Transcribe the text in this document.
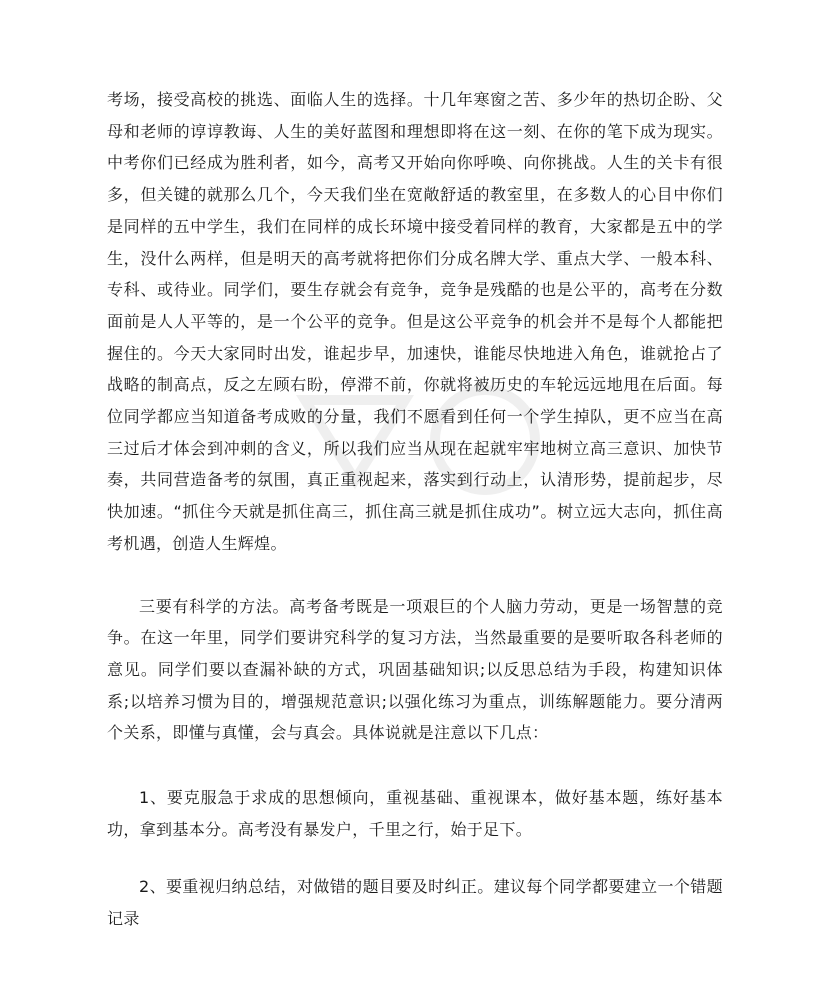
考场，接受高校的挑选、面临人生的选择。十几年寒窗之苦、多少年的热切企盼、父母和老师的谆谆教诲、人生的美好蓝图和理想即将在这一刻、在你的笔下成为现实。中考你们已经成为胜利者，如今，高考又开始向你呼唤、向你挑战。人生的关卡有很多，但关键的就那么几个，今天我们坐在宽敞舒适的教室里，在多数人的心目中你们是同样的五中学生，我们在同样的成长环境中接受着同样的教育，大家都是五中的学生，没什么两样，但是明天的高考就将把你们分成名牌大学、重点大学、一般本科、专科、或待业。同学们，要生存就会有竞争，竞争是残酷的也是公平的，高考在分数面前是人人平等的，是一个公平的竞争。但是这公平竞争的机会并不是每个人都能把握住的。今天大家同时出发，谁起步早，加速快，谁能尽快地进入角色，谁就抢占了战略的制高点，反之左顾右盼，停滞不前，你就将被历史的车轮远远地甩在后面。每位同学都应当知道备考成败的分量，我们不愿看到任何一个学生掉队，更不应当在高三过后才体会到冲刺的含义，所以我们应当从现在起就牢牢地树立高三意识、加快节奏，共同营造备考的氛围，真正重视起来，落实到行动上，认清形势，提前起步，尽快加速。“抓住今天就是抓住高三，抓住高三就是抓住成功”。树立远大志向，抓住高考机遇，创造人生辉煌。

三要有科学的方法。高考备考既是一项艰巨的个人脑力劳动，更是一场智慧的竞争。在这一年里，同学们要讲究科学的复习方法，当然最重要的是要听取各科老师的意见。同学们要以查漏补缺的方式，巩固基础知识;以反思总结为手段，构建知识体系;以培养习惯为目的，增强规范意识;以强化练习为重点，训练解题能力。要分清两个关系，即懂与真懂，会与真会。具体说就是注意以下几点：

1、要克服急于求成的思想倾向，重视基础、重视课本，做好基本题，练好基本功，拿到基本分。高考没有暴发户，千里之行，始于足下。

2、要重视归纳总结，对做错的题目要及时纠正。建议每个同学都要建立一个错题记录
